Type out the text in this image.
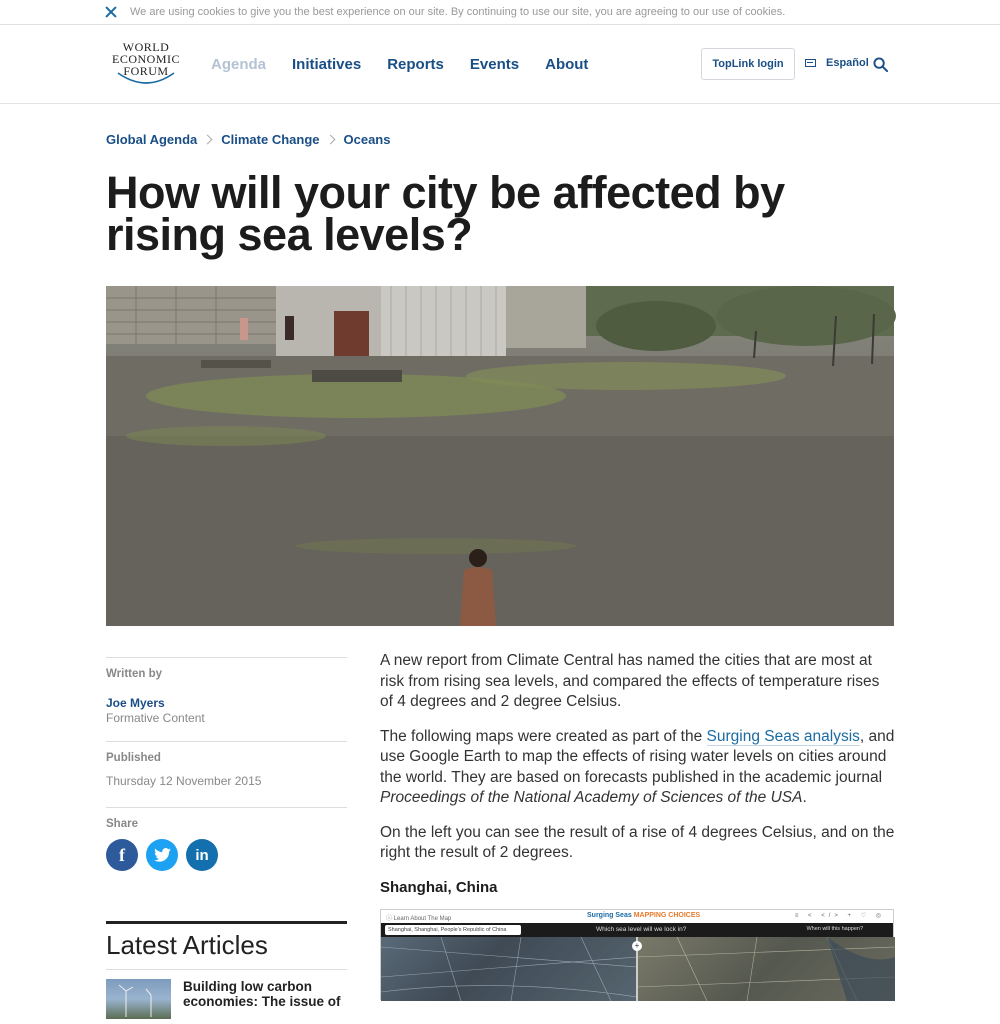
We are using cookies to give you the best experience on our site. By continuing to use our site, you are agreeing to our use of cookies.
WORLD
ECONOMIC
FORUM	Agenda Initiatives Reports Events About	TopLink login	Español
Global Agenda Climate Change Oceans
How will your city be affected by rising sea levels?
Written by
Joe Myers
Formative Content
Published
Thursday 12 November 2015
Share
f	in
Latest Articles
Building low carbon economies: The issue of

A new report from Climate Central has named the cities that are most at risk from rising sea levels, and compared the effects of temperature rises of 4 degrees and 2 degree Celsius.

The following maps were created as part of the Surging Seas analysis, and use Google Earth to map the effects of rising water levels on cities around the world. They are based on forecasts published in the academic journal Proceedings of the National Academy of Sciences of the USA.

On the left you can see the result of a rise of 4 degrees Celsius, and on the right the result of 2 degrees.

Shanghai, China
ⓘ Learn About The Map	Surging Seas MAPPING CHOICES	≡ < </> + ♡ ◎
Shanghai, Shanghai, People's Republic of China	Which sea level will we lock in?	When will this happen?
+
